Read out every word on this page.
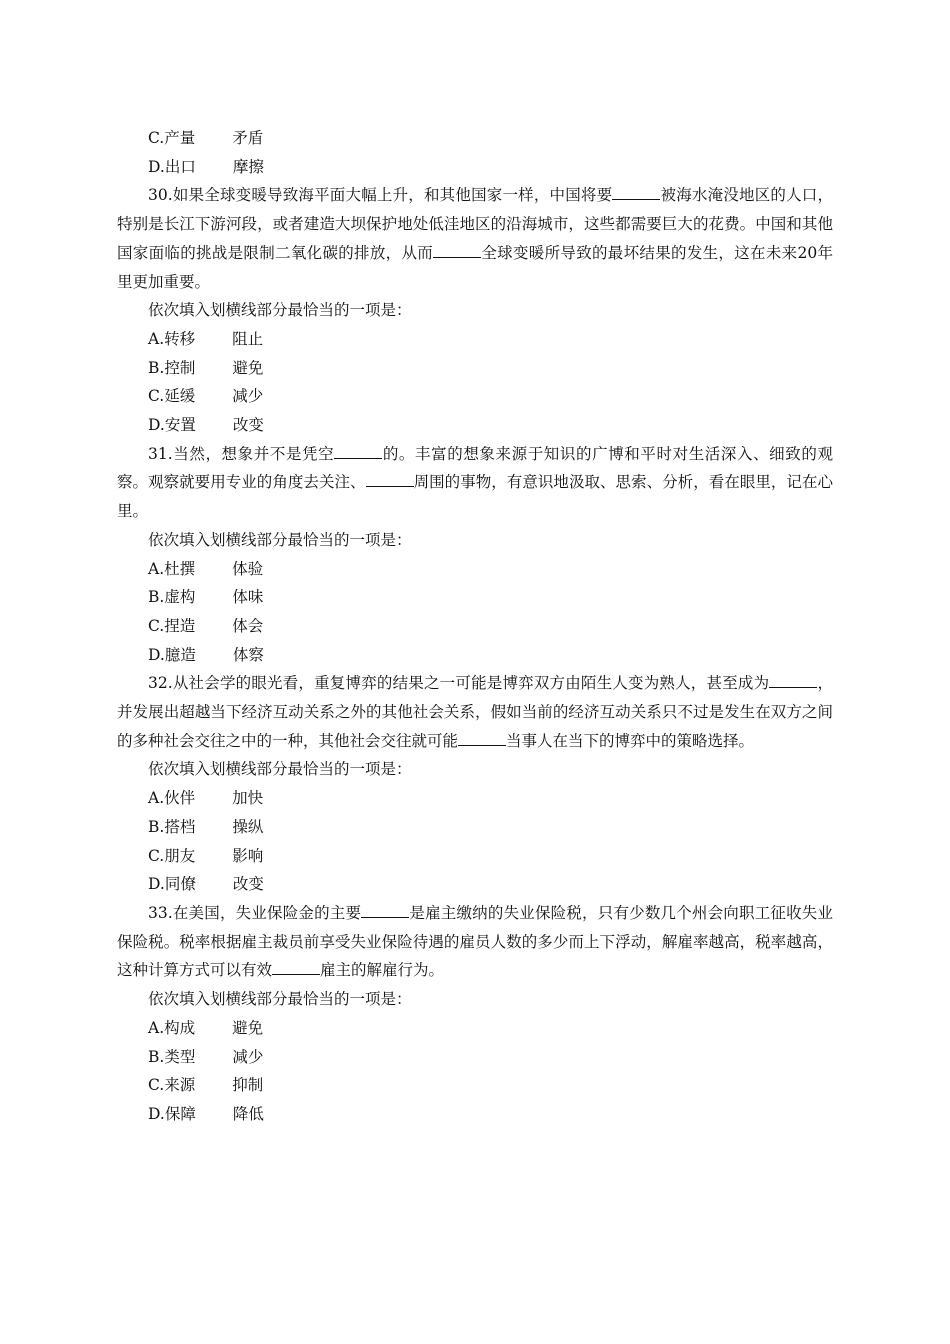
C.产量 矛盾
D.出口 摩擦
30.如果全球变暖导致海平面大幅上升，和其他国家一样，中国将要	被海水淹没地区的人口，特别是长江下游河段，或者建造大坝保护地处低洼地区的沿海城市，这些都需要巨大的花费。中国和其他国家面临的挑战是限制二氧化碳的排放，从而	全球变暖所导致的最坏结果的发生，这在未来20年里更加重要。
依次填入划横线部分最恰当的一项是：
A.转移 阻止
B.控制 避免
C.延缓 减少
D.安置 改变
31.当然，想象并不是凭空	的。丰富的想象来源于知识的广博和平时对生活深入、细致的观察。观察就要用专业的角度去关注、	周围的事物，有意识地汲取、思索、分析，看在眼里，记在心里。
依次填入划横线部分最恰当的一项是：
A.杜撰 体验
B.虚构 体味
C.捏造 体会
D.臆造 体察
32.从社会学的眼光看，重复博弈的结果之一可能是博弈双方由陌生人变为熟人，甚至成为	，并发展出超越当下经济互动关系之外的其他社会关系，假如当前的经济互动关系只不过是发生在双方之间的多种社会交往之中的一种，其他社会交往就可能	当事人在当下的博弈中的策略选择。
依次填入划横线部分最恰当的一项是：
A.伙伴 加快
B.搭档 操纵
C.朋友 影响
D.同僚 改变
33.在美国，失业保险金的主要	是雇主缴纳的失业保险税，只有少数几个州会向职工征收失业保险税。税率根据雇主裁员前享受失业保险待遇的雇员人数的多少而上下浮动，解雇率越高，税率越高，这种计算方式可以有效	雇主的解雇行为。
依次填入划横线部分最恰当的一项是：
A.构成 避免
B.类型 减少
C.来源 抑制
D.保障 降低
